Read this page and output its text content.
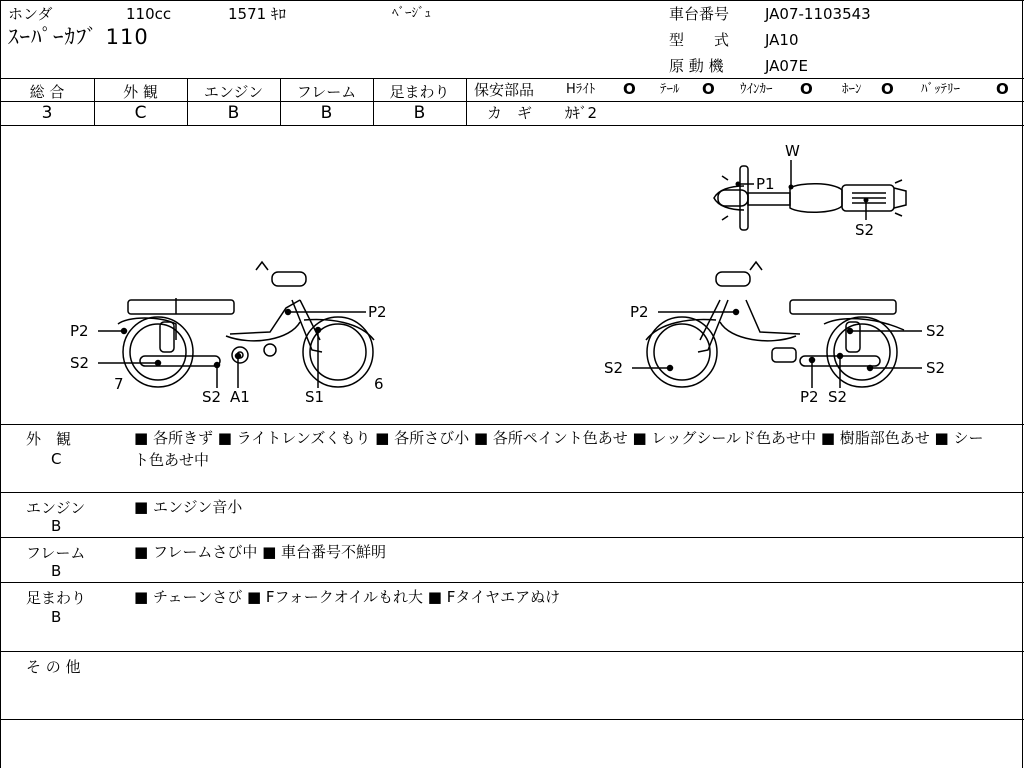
ホンダ	110cc	1571 ｷﾛ	ﾍﾞｰｼﾞｭ
ｽｰﾊﾟｰｶﾌﾞ 110
車台番号 JA07-1103543
型　　式 JA10
原 動 機	JA07E
総 合	外 観	エンジン	フレーム	足まわり
3	C	B	B	B
保安部品 Hﾗｲﾄ O ﾃｰﾙ O ｳｲﾝｶｰ O ﾎｰﾝ O ﾊﾞｯﾃﾘｰ O
カ　ギ ｶｷﾞ2
W
P1
S2
P2
P2
S2
7
S2 A1	S1
6
P2
S2
S2	S2
P2 S2
外　観
C
■ 各所きず ■ ライトレンズくもり ■ 各所さび小 ■ 各所ペイント色あせ ■ レッグシールド色あせ中 ■ 樹脂部色あせ ■ シート色あせ中
エンジン
B
■ エンジン音小
フレーム
B
■ フレームさび中 ■ 車台番号不鮮明
足まわり
B
■ チェーンさび ■ Fフォークオイルもれ大 ■ Fタイヤエアぬけ
そ の 他
